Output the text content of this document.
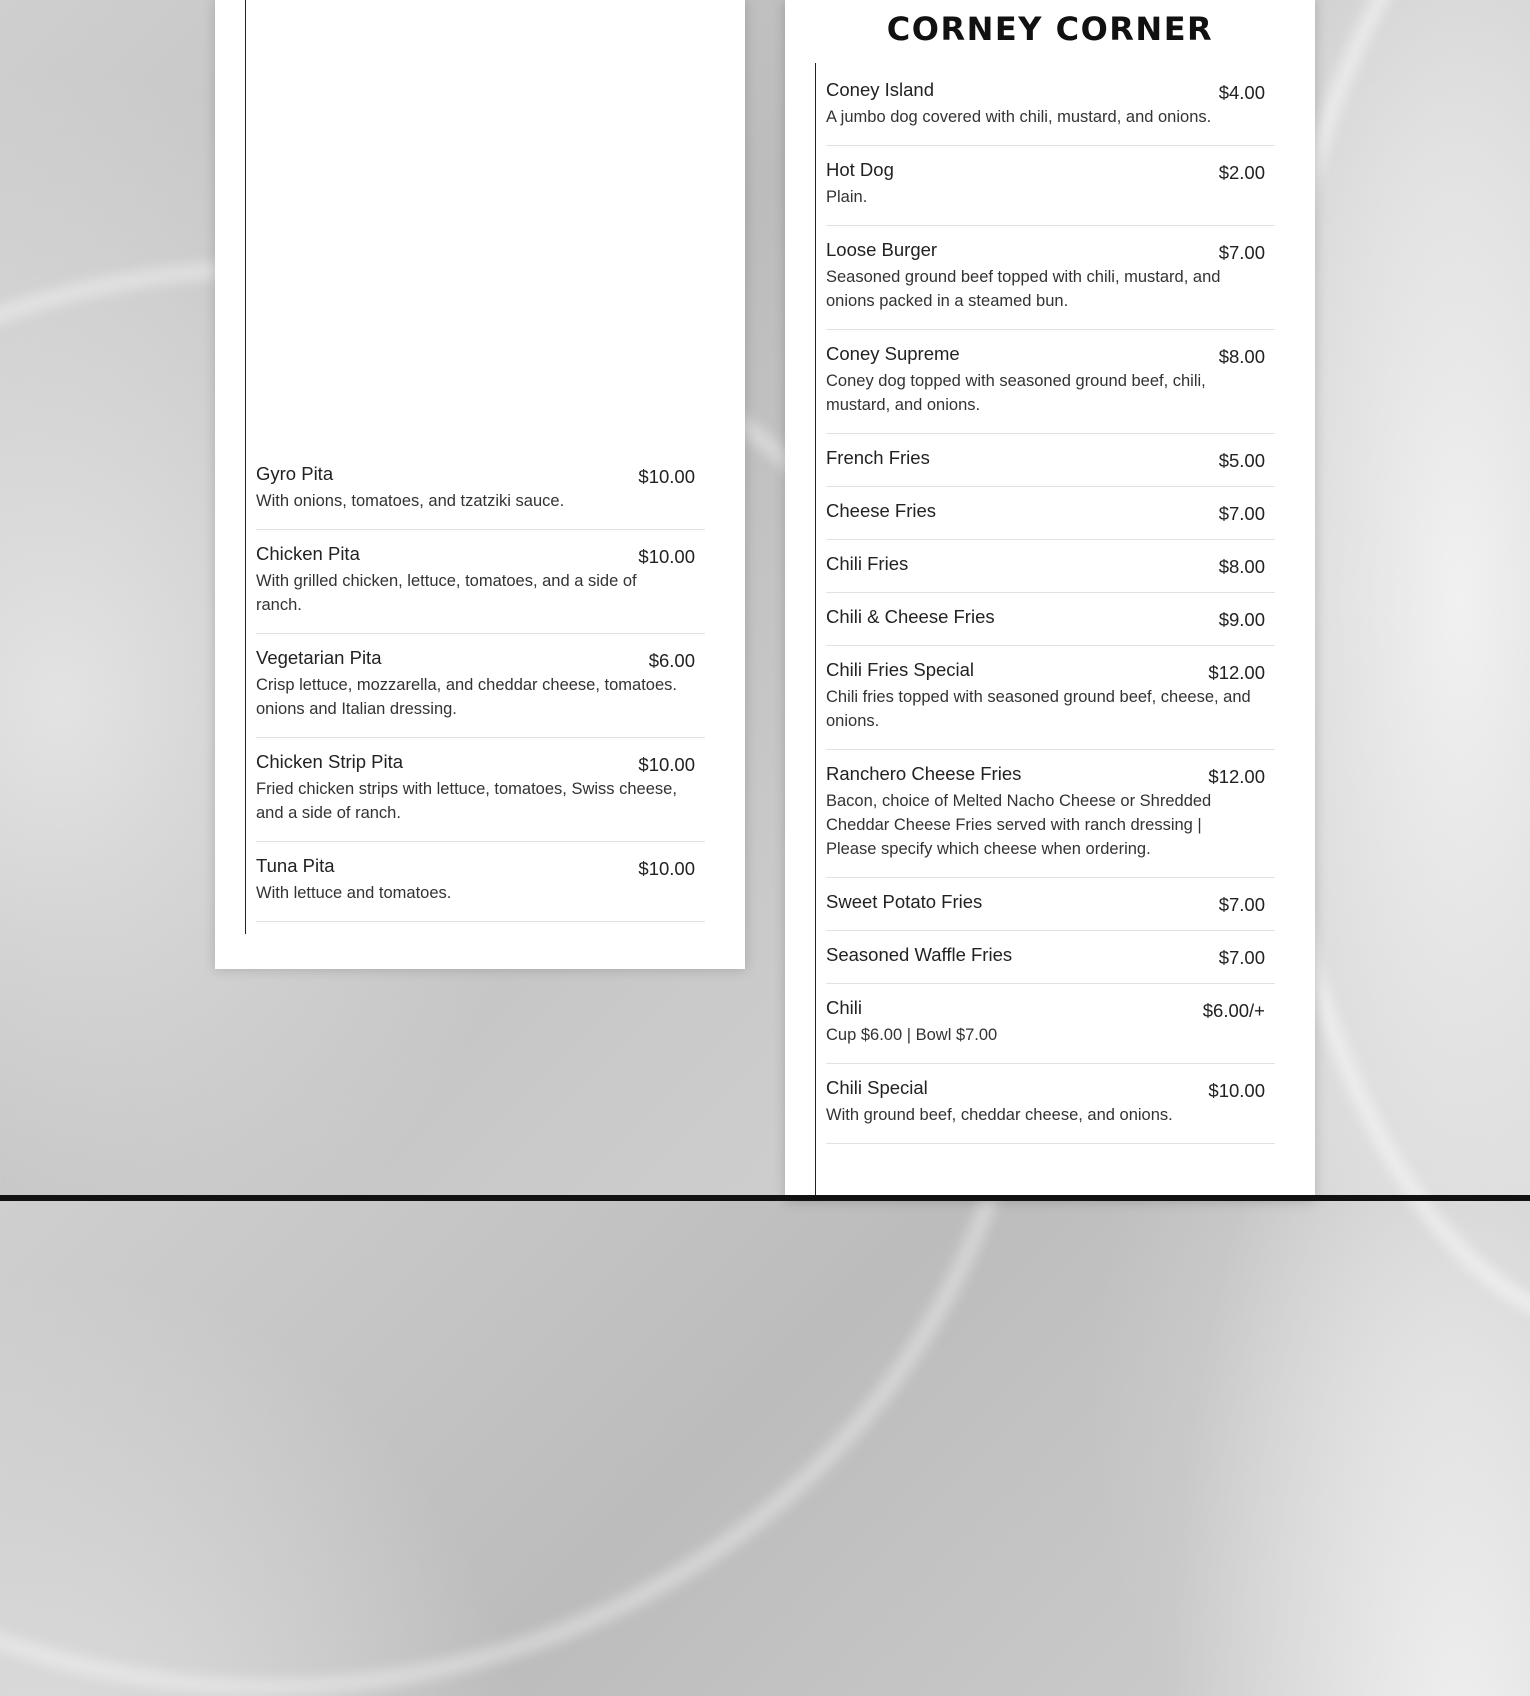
Gyro Pita	$10.00
With onions, tomatoes, and tzatziki sauce.
Chicken Pita	$10.00
With grilled chicken, lettuce, tomatoes, and a side of ranch.
Vegetarian Pita	$6.00
Crisp lettuce, mozzarella, and cheddar cheese, tomatoes. onions and Italian dressing.
Chicken Strip Pita	$10.00
Fried chicken strips with lettuce, tomatoes, Swiss cheese, and a side of ranch.
Tuna Pita	$10.00
With lettuce and tomatoes.
CORNEY CORNER
Coney Island	$4.00
A jumbo dog covered with chili, mustard, and onions.
Hot Dog	$2.00
Plain.
Loose Burger	$7.00
Seasoned ground beef topped with chili, mustard, and onions packed in a steamed bun.
Coney Supreme	$8.00
Coney dog topped with seasoned ground beef, chili, mustard, and onions.
French Fries	$5.00
Cheese Fries	$7.00
Chili Fries	$8.00
Chili & Cheese Fries	$9.00
Chili Fries Special	$12.00
Chili fries topped with seasoned ground beef, cheese, and onions.
Ranchero Cheese Fries	$12.00
Bacon, choice of Melted Nacho Cheese or Shredded Cheddar Cheese Fries served with ranch dressing | Please specify which cheese when ordering.
Sweet Potato Fries	$7.00
Seasoned Waffle Fries	$7.00
Chili	$6.00/+
Cup $6.00 | Bowl $7.00
Chili Special	$10.00
With ground beef, cheddar cheese, and onions.
